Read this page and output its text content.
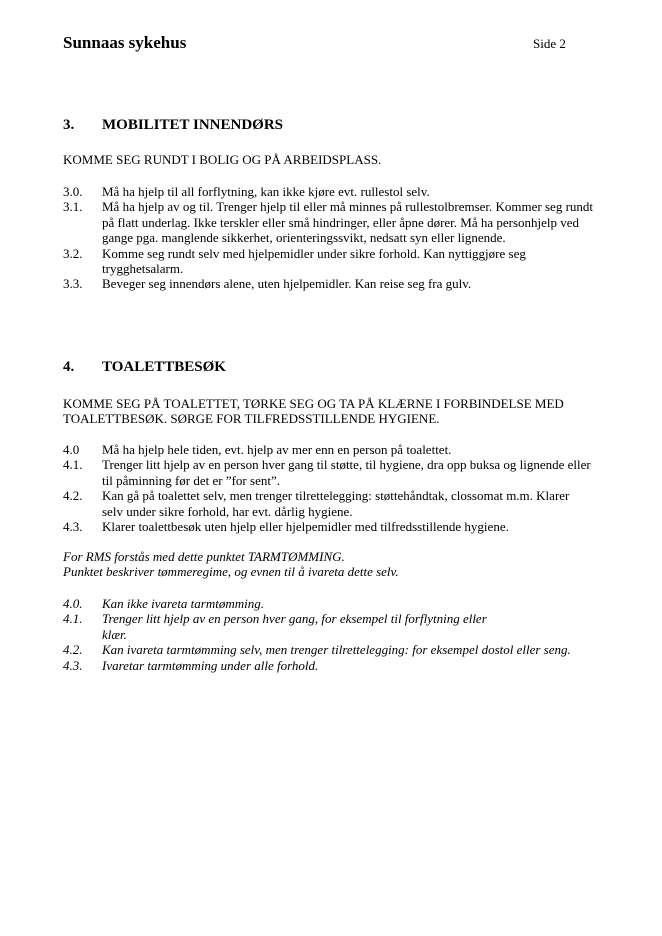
Sunnaas sykehus	Side 2
3.	MOBILITET INNENDØRS
KOMME SEG RUNDT I BOLIG OG PÅ ARBEIDSPLASS.
3.0.	Må ha hjelp til all forflytning, kan ikke kjøre evt. rullestol selv.
3.1.	Må ha hjelp av og til. Trenger hjelp til eller må minnes på rullestolbremser. Kommer seg rundt på flatt underlag. Ikke terskler eller små hindringer, eller åpne dører. Må ha personhjelp ved gange pga. manglende sikkerhet, orienteringssvikt, nedsatt syn eller lignende.
3.2.	Komme seg rundt selv med hjelpemidler under sikre forhold. Kan nyttiggjøre seg trygghetsalarm.
3.3.	Beveger seg innendørs alene, uten hjelpemidler. Kan reise seg fra gulv.
4.	TOALETTBESØK
KOMME SEG PÅ TOALETTET, TØRKE SEG OG TA PÅ KLÆRNE I FORBINDELSE MED TOALETTBESØK. SØRGE FOR TILFREDSSTILLENDE HYGIENE.
4.0	Må ha hjelp hele tiden, evt. hjelp av mer enn en person på toalettet.
4.1.	Trenger litt hjelp av en person hver gang til støtte, til hygiene, dra opp buksa og lignende eller til påminning før det er ”for sent”.
4.2.	Kan gå på toalettet selv, men trenger tilrettelegging: støttehåndtak, clossomat m.m. Klarer selv under sikre forhold, har evt. dårlig hygiene.
4.3.	Klarer toalettbesøk uten hjelp eller hjelpemidler med tilfredsstillende hygiene.
For RMS forstås med dette punktet TARMTØMMING.
Punktet beskriver tømmeregime, og evnen til å ivareta dette selv.
4.0.	Kan ikke ivareta tarmtømming.
4.1.	Trenger litt hjelp av en person hver gang, for eksempel til forflytning eller
klær.
4.2.	Kan ivareta tarmtømming selv, men trenger tilrettelegging: for eksempel dostol eller seng.
4.3.	Ivaretar tarmtømming under alle forhold.
